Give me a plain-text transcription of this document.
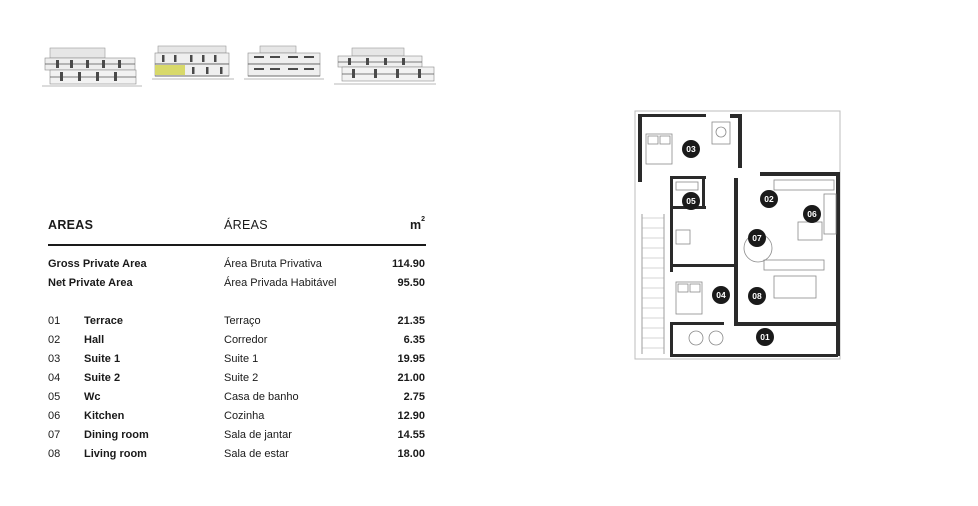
AREAS	ÁREAS	$m^2$
Gross Private Area	Área Bruta Privativa	114.90
Net Private Area	Área Privada Habitável	95.50
01 Terrace	Terraço	21.35
02 Hall	Corredor	6.35
03 Suite 1	Suite 1	19.95
04 Suite 2	Suite 2	21.00
05 Wc	Casa de banho	2.75
06 Kitchen	Cozinha	12.90
07 Dining room	Sala de jantar	14.55
08 Living room	Sala de estar	18.00
01
02
03
04
05
06
07
08
